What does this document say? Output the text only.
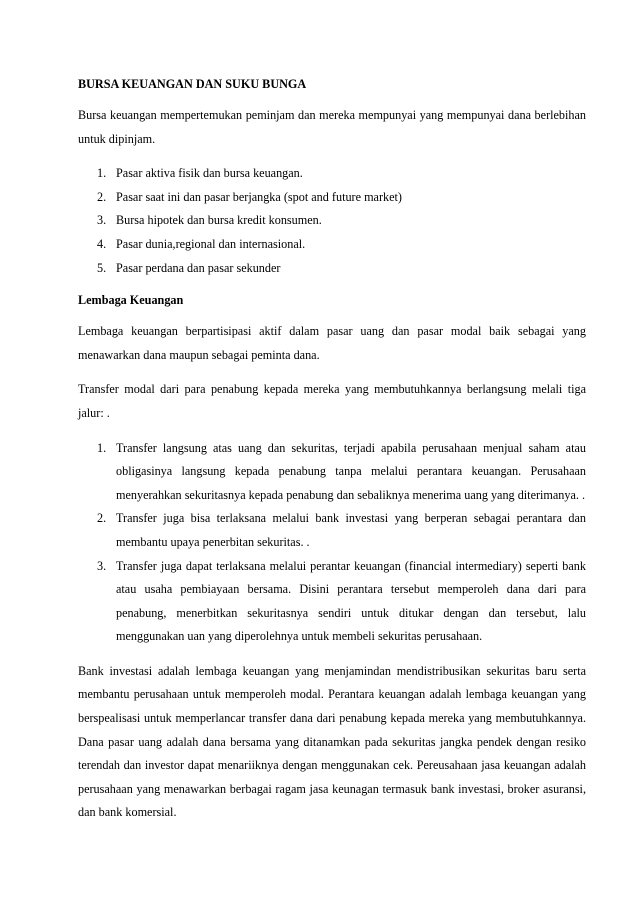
BURSA KEUANGAN DAN SUKU BUNGA

Bursa keuangan mempertemukan peminjam dan mereka mempunyai yang mempunyai dana berlebihan untuk dipinjam.

1. Pasar aktiva fisik dan bursa keuangan.
2. Pasar saat ini dan pasar berjangka (spot and future market)
3. Bursa hipotek dan bursa kredit konsumen.
4. Pasar dunia,regional dan internasional.
5. Pasar perdana dan pasar sekunder

Lembaga Keuangan

Lembaga keuangan berpartisipasi aktif dalam pasar uang dan pasar modal baik sebagai yang menawarkan dana maupun sebagai peminta dana.

Transfer modal dari para penabung kepada mereka yang membutuhkannya berlangsung melali tiga jalur: .

1. Transfer langsung atas uang dan sekuritas, terjadi apabila perusahaan menjual saham atau obligasinya langsung kepada penabung tanpa melalui perantara keuangan. Perusahaan menyerahkan sekuritasnya kepada penabung dan sebaliknya menerima uang yang diterimanya. .
2. Transfer juga bisa terlaksana melalui bank investasi yang berperan sebagai perantara dan membantu upaya penerbitan sekuritas. .
3. Transfer juga dapat terlaksana melalui perantar keuangan (financial intermediary) seperti bank atau usaha pembiayaan bersama. Disini perantara tersebut memperoleh dana dari para penabung, menerbitkan sekuritasnya sendiri untuk ditukar dengan dan tersebut, lalu menggunakan uan yang diperolehnya untuk membeli sekuritas perusahaan.

Bank investasi adalah lembaga keuangan yang menjamindan mendistribusikan sekuritas baru serta membantu perusahaan untuk memperoleh modal. Perantara keuangan adalah lembaga keuangan yang berspealisasi untuk memperlancar transfer dana dari penabung kepada mereka yang membutuhkannya. Dana pasar uang adalah dana bersama yang ditanamkan pada sekuritas jangka pendek dengan resiko terendah dan investor dapat menariiknya dengan menggunakan cek. Pereusahaan jasa keuangan adalah perusahaan yang menawarkan berbagai ragam jasa keunagan termasuk bank investasi, broker asuransi, dan bank komersial.
